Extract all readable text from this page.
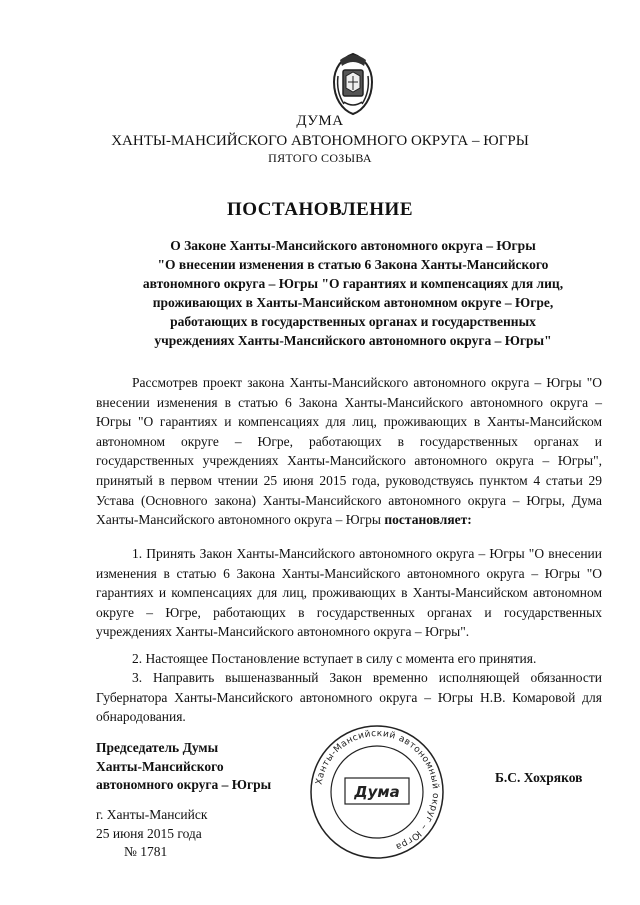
ДУМА
ХАНТЫ-МАНСИЙСКОГО АВТОНОМНОГО ОКРУГА – ЮГРЫ
ПЯТОГО СОЗЫВА
ПОСТАНОВЛЕНИЕ
О Законе Ханты-Мансийского автономного округа – Югры
"О внесении изменения в статью 6 Закона Ханты-Мансийского
автономного округа – Югры "О гарантиях и компенсациях для лиц,
проживающих в Ханты-Мансийском автономном округе – Югре,
работающих в государственных органах и государственных
учреждениях Ханты-Мансийского автономного округа – Югры"
Рассмотрев проект закона Ханты-Мансийского автономного округа – Югры "О внесении изменения в статью 6 Закона Ханты-Мансийского автономного округа – Югры "О гарантиях и компенсациях для лиц, проживающих в Ханты-Мансийском автономном округе – Югре, работающих в государственных органах и государственных учреждениях Ханты-Мансийского автономного округа – Югры", принятый в первом чтении 25 июня 2015 года, руководствуясь пунктом 4 статьи 29 Устава (Основного закона) Ханты-Мансийского автономного округа – Югры, Дума Ханты-Мансийского автономного округа – Югры постановляет:
1. Принять Закон Ханты-Мансийского автономного округа – Югры "О внесении изменения в статью 6 Закона Ханты-Мансийского автономного округа – Югры "О гарантиях и компенсациях для лиц, проживающих в Ханты-Мансийском автономном округе – Югре, работающих в государственных органах и государственных учреждениях Ханты-Мансийского автономного округа – Югры".
2. Настоящее Постановление вступает в силу с момента его принятия.
3. Направить вышеназванный Закон временно исполняющей обязанности Губернатора Ханты-Мансийского автономного округа – Югры Н.В. Комаровой для обнародования.
Председатель Думы
Ханты-Мансийского
автономного округа – Югры	Ханты-Мансийский автономный округ – Югра
Дума
Б.С. Хохряков
г. Ханты-Мансийск
25 июня 2015 года
№ 1781
